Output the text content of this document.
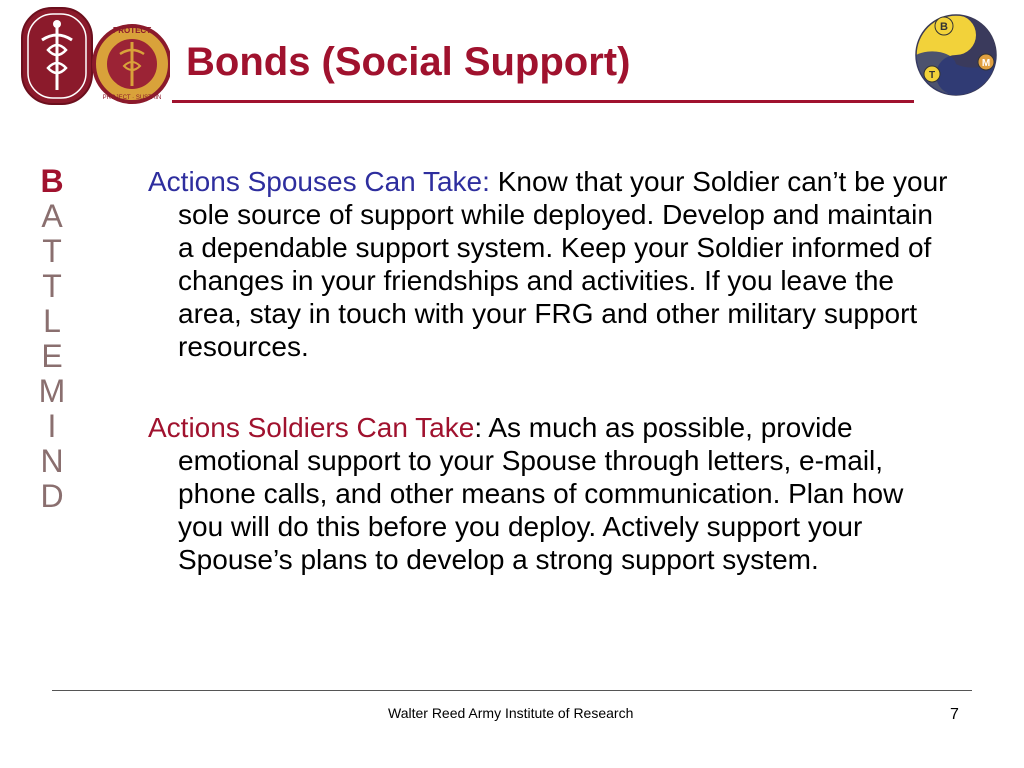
PROTECT
PROJECT · SUSTAIN
Bonds (Social Support)
B
T
M
B
A
T
T
L
E
M
I
N
D

Actions Spouses Can Take: Know that your Soldier can’t be your sole source of support while deployed. Develop and maintain a dependable support system. Keep your Soldier informed of changes in your friendships and activities. If you leave the area, stay in touch with your FRG and other military support resources.

Actions Soldiers Can Take: As much as possible, provide emotional support to your Spouse through letters, e-mail, phone calls, and other means of communication. Plan how you will do this before you deploy. Actively support your Spouse’s plans to develop a strong support system.

Walter Reed Army Institute of Research	7
